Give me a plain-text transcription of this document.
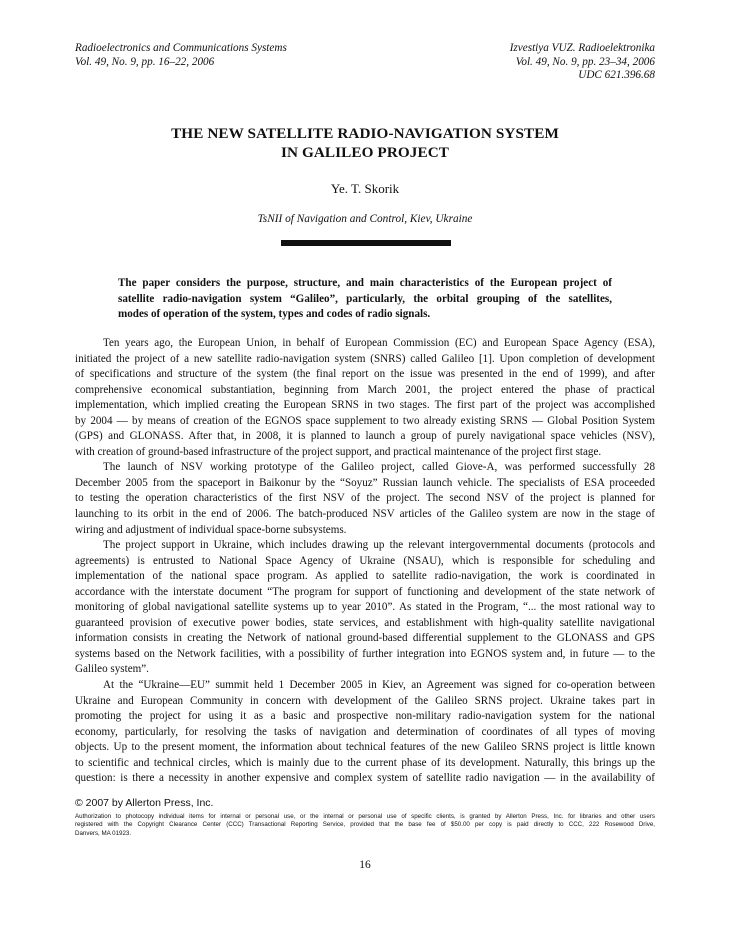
Radioelectronics and Communications Systems
Vol. 49, No. 9, pp. 16–22, 2006
Izvestiya VUZ. Radioelektronika
Vol. 49, No. 9, pp. 23–34, 2006
UDC 621.396.68
THE NEW SATELLITE RADIO-NAVIGATION SYSTEM
IN GALILEO PROJECT
Ye. T. Skorik
TsNII of Navigation and Control, Kiev, Ukraine
The paper considers the purpose, structure, and main characteristics of the European project of
satellite radio-navigation system “Galileo”, particularly, the orbital grouping of the satellites,
modes of operation of the system, types and codes of radio signals.
Ten years ago, the European Union, in behalf of European Commission (EC) and European Space Agency (ESA),
initiated the project of a new satellite radio-navigation system (SNRS) called Galileo [1]. Upon completion of development
of specifications and structure of the system (the final report on the issue was presented in the end of 1999), and after
comprehensive economical substantiation, beginning from March 2001, the project entered the phase of practical
implementation, which implied creating the European SRNS in two stages. The first part of the project was accomplished
by 2004 — by means of creation of the EGNOS space supplement to two already existing SRNS — Global Position System
(GPS) and GLONASS. After that, in 2008, it is planned to launch a group of purely navigational space vehicles (NSV),
with creation of ground-based infrastructure of the project support, and practical maintenance of the project first stage.
The launch of NSV working prototype of the Galileo project, called Giove-A, was performed successfully 28
December 2005 from the spaceport in Baikonur by the “Soyuz” Russian launch vehicle. The specialists of ESA proceeded
to testing the operation characteristics of the first NSV of the project. The second NSV of the project is planned for
launching to its orbit in the end of 2006. The batch-produced NSV articles of the Galileo system are now in the stage of
wiring and adjustment of individual space-borne subsystems.
The project support in Ukraine, which includes drawing up the relevant intergovernmental documents (protocols and
agreements) is entrusted to National Space Agency of Ukraine (NSAU), which is responsible for scheduling and
implementation of the national space program. As applied to satellite radio-navigation, the work is coordinated in
accordance with the interstate document “The program for support of functioning and development of the state network of
monitoring of global navigational satellite systems up to year 2010”. As stated in the Program, “... the most rational way to
guaranteed provision of executive power bodies, state services, and establishment with high-quality satellite navigational
information consists in creating the Network of national ground-based differential supplement to the GLONASS and GPS
systems based on the Network facilities, with a possibility of further integration into EGNOS system and, in future — to the
Galileo system”.
At the “Ukraine—EU” summit held 1 December 2005 in Kiev, an Agreement was signed for co-operation between
Ukraine and European Community in concern with development of the Galileo SRNS project. Ukraine takes part in
promoting the project for using it as a basic and prospective non-military radio-navigation system for the national
economy, particularly, for resolving the tasks of navigation and determination of coordinates of all types of moving
objects. Up to the present moment, the information about technical features of the new Galileo SRNS project is little known
to scientific and technical circles, which is mainly due to the current phase of its development. Naturally, this brings up the
question: is there a necessity in another expensive and complex system of satellite radio navigation — in the availability of
© 2007 by Allerton Press, Inc.
Authorization to photocopy individual items for internal or personal use, or the internal or personal use of specific clients, is granted by Allerton Press, Inc. for libraries and other users
registered with the Copyright Clearance Center (CCC) Transactional Reporting Service, provided that the base fee of $50.00 per copy is paid directly to CCC, 222 Rosewood Drive,
Danvers, MA 01923.
16
